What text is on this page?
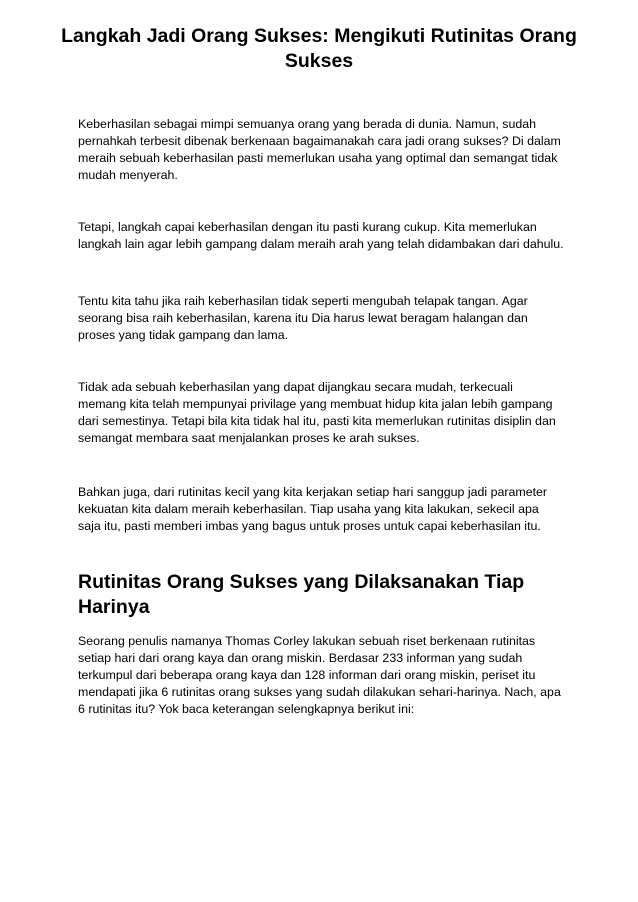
Langkah Jadi Orang Sukses: Mengikuti Rutinitas Orang Sukses

Keberhasilan sebagai mimpi semuanya orang yang berada di dunia. Namun, sudah pernahkah terbesit dibenak berkenaan bagaimanakah cara jadi orang sukses? Di dalam meraih sebuah keberhasilan pasti memerlukan usaha yang optimal dan semangat tidak mudah menyerah.

Tetapi, langkah capai keberhasilan dengan itu pasti kurang cukup. Kita memerlukan langkah lain agar lebih gampang dalam meraih arah yang telah didambakan dari dahulu.

Tentu kita tahu jika raih keberhasilan tidak seperti mengubah telapak tangan. Agar seorang bisa raih keberhasilan, karena itu Dia harus lewat beragam halangan dan proses yang tidak gampang dan lama.

Tidak ada sebuah keberhasilan yang dapat dijangkau secara mudah, terkecuali memang kita telah mempunyai privilage yang membuat hidup kita jalan lebih gampang dari semestinya. Tetapi bila kita tidak hal itu, pasti kita memerlukan rutinitas disiplin dan semangat membara saat menjalankan proses ke arah sukses.

Bahkan juga, dari rutinitas kecil yang kita kerjakan setiap hari sanggup jadi parameter kekuatan kita dalam meraih keberhasilan. Tiap usaha yang kita lakukan, sekecil apa saja itu, pasti memberi imbas yang bagus untuk proses untuk capai keberhasilan itu.

Rutinitas Orang Sukses yang Dilaksanakan Tiap Harinya

Seorang penulis namanya Thomas Corley lakukan sebuah riset berkenaan rutinitas setiap hari dari orang kaya dan orang miskin. Berdasar 233 informan yang sudah terkumpul dari beberapa orang kaya dan 128 informan dari orang miskin, periset itu mendapati jika 6 rutinitas orang sukses yang sudah dilakukan sehari-harinya. Nach, apa 6 rutinitas itu? Yok baca keterangan selengkapnya berikut ini:
